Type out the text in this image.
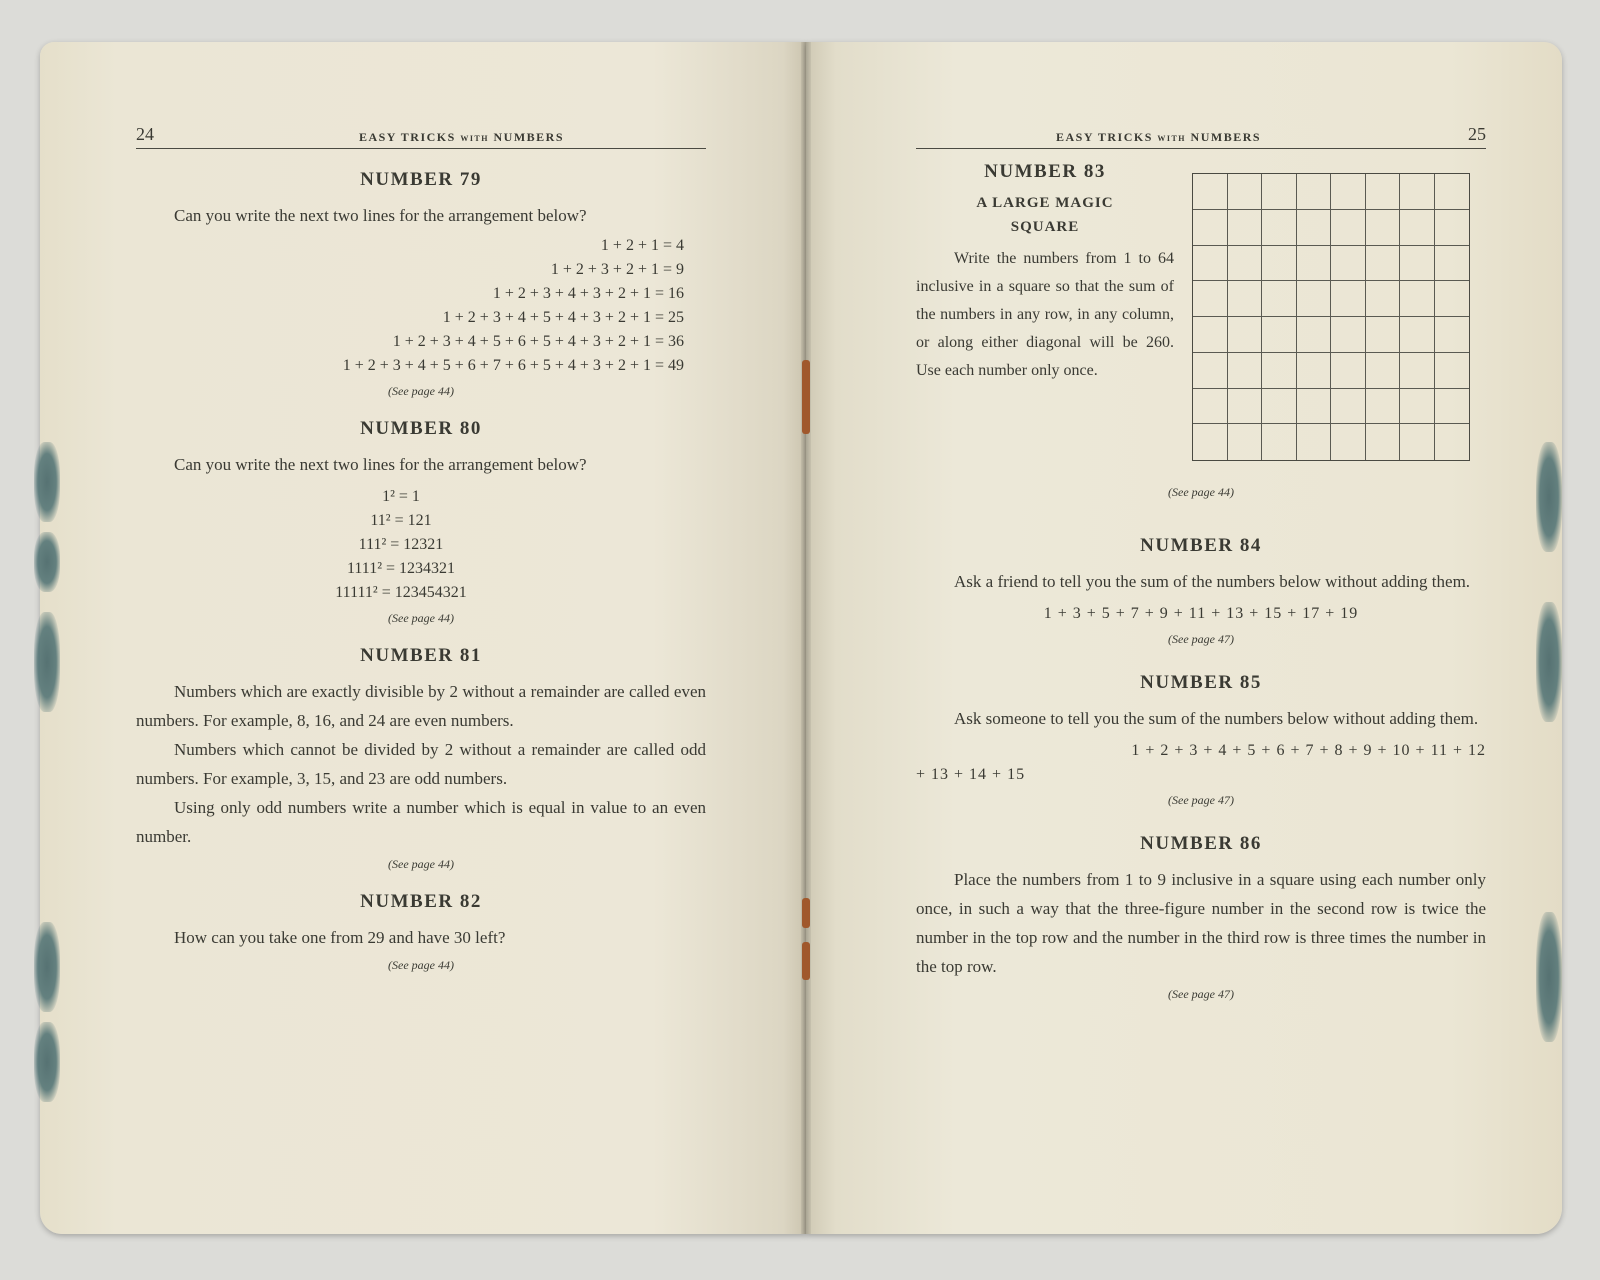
24	EASY TRICKS with NUMBERS
NUMBER 79

Can you write the next two lines for the arrangement below?

1 + 2 + 1 = 4
1 + 2 + 3 + 2 + 1 = 9
1 + 2 + 3 + 4 + 3 + 2 + 1 = 16
1 + 2 + 3 + 4 + 5 + 4 + 3 + 2 + 1 = 25
1 + 2 + 3 + 4 + 5 + 6 + 5 + 4 + 3 + 2 + 1 = 36
1 + 2 + 3 + 4 + 5 + 6 + 7 + 6 + 5 + 4 + 3 + 2 + 1 = 49
(See page 44)
NUMBER 80

Can you write the next two lines for the arrangement below?

1² = 1
11² = 121
111² = 12321
1111² = 1234321
11111² = 123454321
(See page 44)
NUMBER 81

Numbers which are exactly divisible by 2 without a remainder are called even numbers. For example, 8, 16, and 24 are even numbers.

Numbers which cannot be divided by 2 without a remainder are called odd numbers. For example, 3, 15, and 23 are odd numbers.

Using only odd numbers write a number which is equal in value to an even number.

(See page 44)
NUMBER 82

How can you take one from 29 and have 30 left?

(See page 44)
EASY TRICKS with NUMBERS	25
NUMBER 83
A LARGE MAGIC
SQUARE

Write the numbers from 1 to 64 inclusive in a square so that the sum of the numbers in any row, in any column, or along either diagonal will be 260. Use each number only once.

(See page 44)
NUMBER 84

Ask a friend to tell you the sum of the numbers below without adding them.

1 + 3 + 5 + 7 + 9 + 11 + 13 + 15 + 17 + 19
(See page 47)
NUMBER 85

Ask someone to tell you the sum of the numbers below without adding them.

1 + 2 + 3 + 4 + 5 + 6 + 7 + 8 + 9 + 10 + 11 + 12
+ 13 + 14 + 15
(See page 47)
NUMBER 86

Place the numbers from 1 to 9 inclusive in a square using each number only once, in such a way that the three-figure number in the second row is twice the number in the top row and the number in the third row is three times the number in the top row.

(See page 47)
